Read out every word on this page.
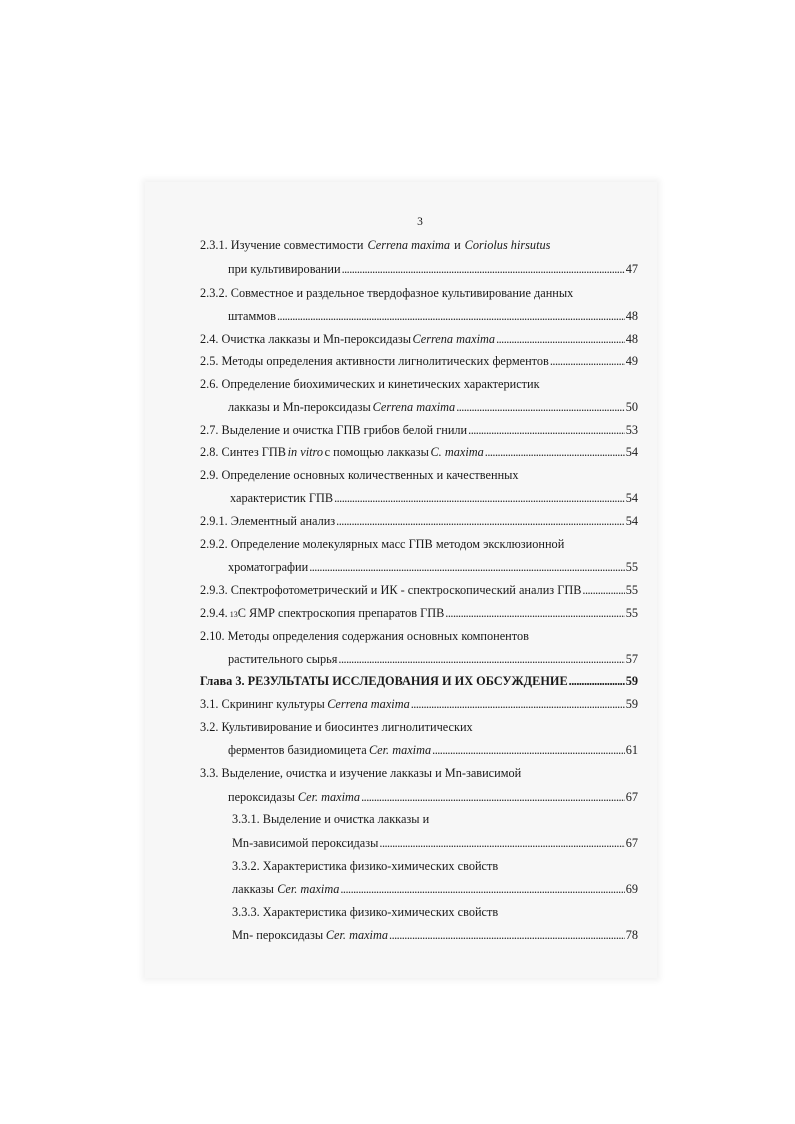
3
2.3.1. Изучение совместимости Cerrena maxima и Coriolus hirsutus
при культивировании . . .	47
2.3.2. Совместное и раздельное твердофазное культивирование данных
штаммов . . .	48
2.4. Очистка лакказы и Mn-пероксидазы Cerrena maxima . . .	48
2.5. Методы определения активности лигнолитических ферментов . . .	49
2.6. Определение биохимических и кинетических характеристик
лакказы и Mn-пероксидазы Cerrena maxima . . .	50
2.7. Выделение и очистка ГПВ грибов белой гнили . . .	53
2.8. Синтез ГПВ in vitro с помощью лакказы C. maxima . . .	54
2.9. Определение основных количественных и качественных
характеристик ГПВ . . .	54
2.9.1. Элементный анализ . . .	54
2.9.2. Определение молекулярных масс ГПВ методом эксклюзионной
хроматографии . . .	55
2.9.3. Спектрофотометрический и ИК - спектроскопический анализ ГПВ . . .	55
2.9.4. 13 С ЯМР спектроскопия препаратов ГПВ . . .	55
2.10. Методы определения содержания основных компонентов
растительного сырья . . .	57
Глава 3. РЕЗУЛЬТАТЫ ИССЛЕДОВАНИЯ И ИХ ОБСУЖДЕНИЕ . . .	59
3.1. Скрининг культуры Cerrena maxima . . .	59
3.2. Культивирование и биосинтез лигнолитических
ферментов базидиомицета Cer. maxima . . .	61
3.3. Выделение, очистка и изучение лакказы и Mn-зависимой
пероксидазы Cer. maxima . . .	67
3.3.1. Выделение и очистка лакказы и
Mn-зависимой пероксидазы . . .	67
3.3.2. Характеристика физико-химических свойств
лакказы Cer. maxima . . .	69
3.3.3. Характеристика физико-химических свойств
Mn- пероксидазы Cer. maxima . . .	78
